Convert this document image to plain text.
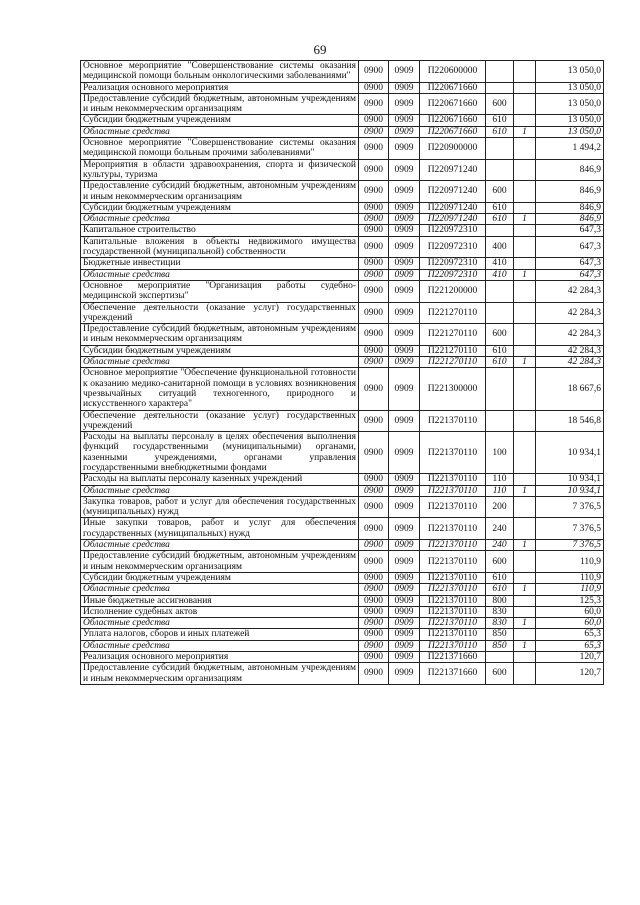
69
Основное мероприятие "Совершенствование системы оказания медицинской помощи больным онкологическими заболеваниями"	0900	0909	П220600000			13 050,0
Реализация основного мероприятия	0900	0909	П220671660			13 050,0
Предоставление субсидий бюджетным, автономным учреждениям и иным некоммерческим организациям	0900	0909	П220671660	600		13 050,0
Субсидии бюджетным учреждениям	0900	0909	П220671660	610		13 050,0
Областные средства	0900	0909	П220671660	610	1	13 050,0
Основное мероприятие "Совершенствование системы оказания медицинской помощи больным прочими заболеваниями"	0900	0909	П220900000			1 494,2
Мероприятия в области здравоохранения, спорта и физической культуры, туризма	0900	0909	П220971240			846,9
Предоставление субсидий бюджетным, автономным учреждениям и иным некоммерческим организациям	0900	0909	П220971240	600		846,9
Субсидии бюджетным учреждениям	0900	0909	П220971240	610		846,9
Областные средства	0900	0909	П220971240	610	1	846,9
Капитальное строительство	0900	0909	П220972310			647,3
Капитальные вложения в объекты недвижимого имущества государственной (муниципальной) собственности	0900	0909	П220972310	400		647,3
Бюджетные инвестиции	0900	0909	П220972310	410		647,3
Областные средства	0900	0909	П220972310	410	1	647,3
Основное мероприятие "Организация работы судебно-медицинской экспертизы"	0900	0909	П221200000			42 284,3
Обеспечение деятельности (оказание услуг) государственных учреждений	0900	0909	П221270110			42 284,3
Предоставление субсидий бюджетным, автономным учреждениям и иным некоммерческим организациям	0900	0909	П221270110	600		42 284,3
Субсидии бюджетным учреждениям	0900	0909	П221270110	610		42 284,3
Областные средства	0900	0909	П221270110	610	1	42 284,3
Основное мероприятие "Обеспечение функциональной готовности к оказанию медико-санитарной помощи в условиях возникновения чрезвычайных ситуаций техногенного, природного и искусственного характера"	0900	0909	П221300000			18 667,6
Обеспечение деятельности (оказание услуг) государственных учреждений	0900	0909	П221370110			18 546,8
Расходы на выплаты персоналу в целях обеспечения выполнения функций государственными (муниципальными) органами, казенными учреждениями, органами управления государственными внебюджетными фондами	0900	0909	П221370110	100		10 934,1
Расходы на выплаты персоналу казенных учреждений	0900	0909	П221370110	110		10 934,1
Областные средства	0900	0909	П221370110	110	1	10 934,1
Закупка товаров, работ и услуг для обеспечения государственных (муниципальных) нужд	0900	0909	П221370110	200		7 376,5
Иные закупки товаров, работ и услуг для обеспечения государственных (муниципальных) нужд	0900	0909	П221370110	240		7 376,5
Областные средства	0900	0909	П221370110	240	1	7 376,5
Предоставление субсидий бюджетным, автономным учреждениям и иным некоммерческим организациям	0900	0909	П221370110	600		110,9
Субсидии бюджетным учреждениям	0900	0909	П221370110	610		110,9
Областные средства	0900	0909	П221370110	610	1	110,9
Иные бюджетные ассигнования	0900	0909	П221370110	800		125,3
Исполнение судебных актов	0900	0909	П221370110	830		60,0
Областные средства	0900	0909	П221370110	830	1	60,0
Уплата налогов, сборов и иных платежей	0900	0909	П221370110	850		65,3
Областные средства	0900	0909	П221370110	850	1	65,3
Реализация основного мероприятия	0900	0909	П221371660			120,7
Предоставление субсидий бюджетным, автономным учреждениям и иным некоммерческим организациям	0900	0909	П221371660	600		120,7
